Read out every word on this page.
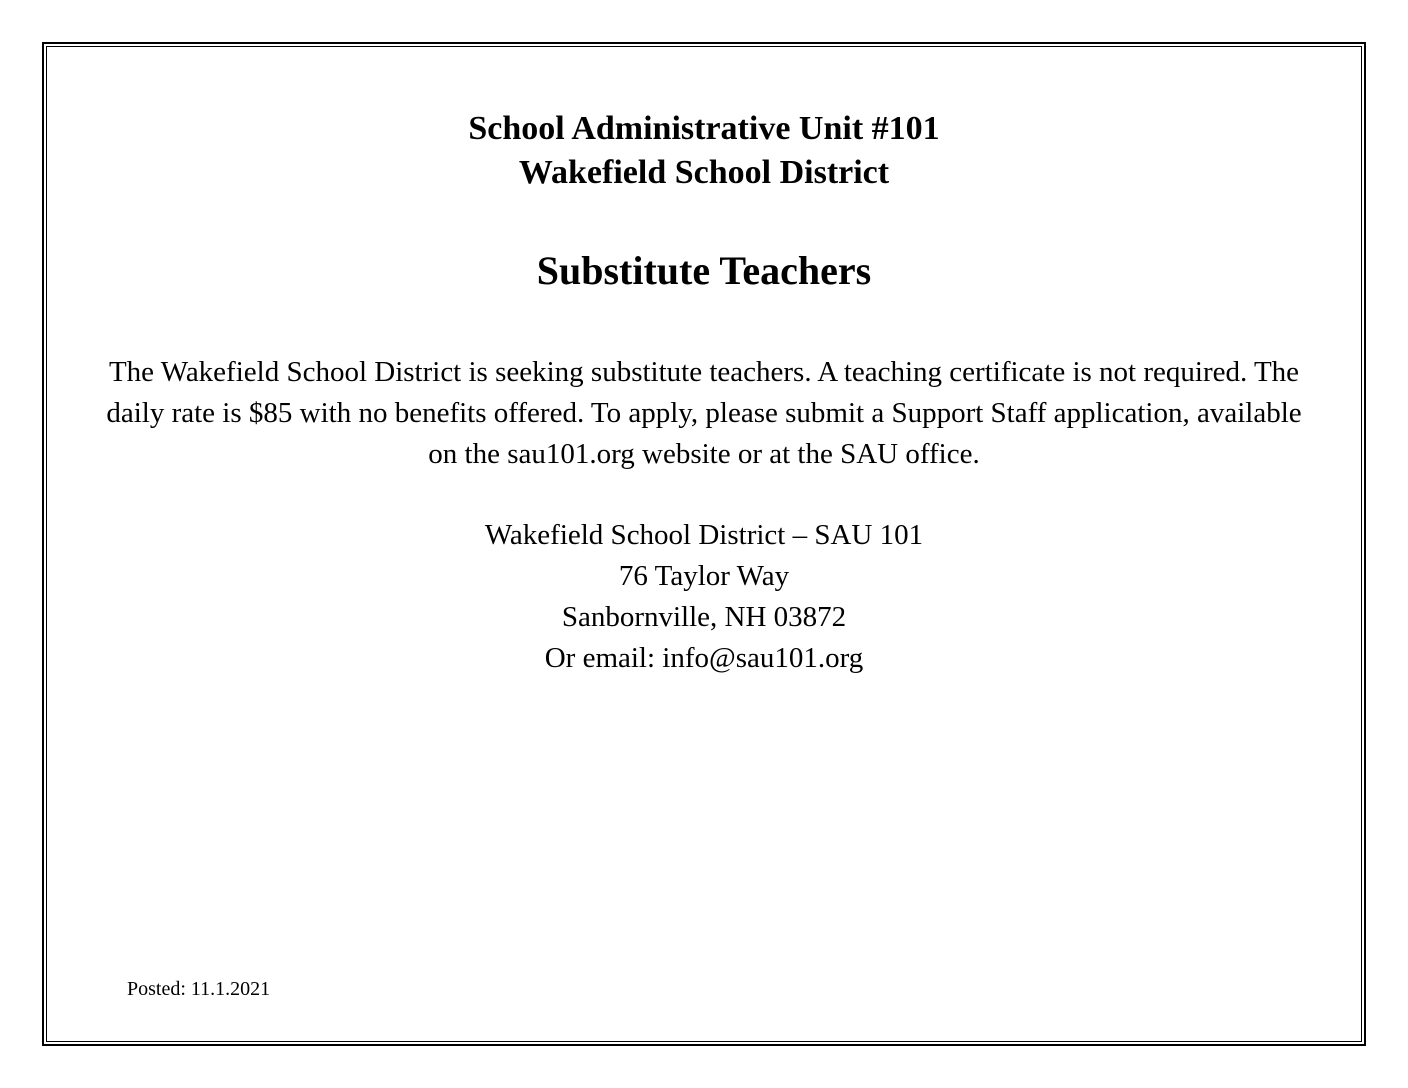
School Administrative Unit #101
Wakefield School District
Substitute Teachers
The Wakefield School District is seeking substitute teachers. A teaching certificate is not required. The daily rate is $85 with no benefits offered. To apply, please submit a Support Staff application, available on the sau101.org website or at the SAU office.
Wakefield School District – SAU 101
76 Taylor Way
Sanbornville, NH 03872
Or email: info@sau101.org
Posted: 11.1.2021
